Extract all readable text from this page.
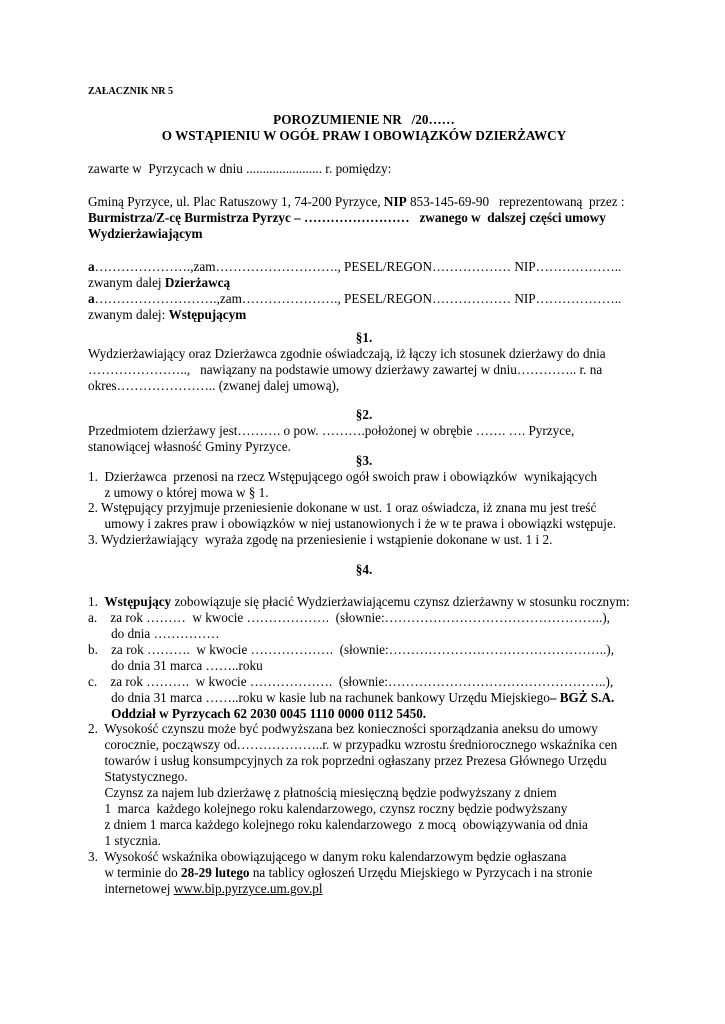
ZAŁACZNIK NR 5
POROZUMIENIE NR   /20……
O WSTĄPIENIU W OGÓŁ PRAW I OBOWIĄZKÓW DZIERŻAWCY
zawarte w  Pyrzycach w dniu ....................... r. pomiędzy:
Gminą Pyrzyce, ul. Plac Ratuszowy 1, 74-200 Pyrzyce, NIP 853-145-69-90   reprezentowaną  przez :
Burmistrza/Z-cę Burmistrza Pyrzyc – ……………………   zwanego w  dalszej części umowy
Wydzierżawiającym
a………………….,zam………………………., PESEL/REGON……………… NIP………………..
zwanym dalej Dzierżawcą
a……………………….,zam…………………., PESEL/REGON……………… NIP………………..
zwanym dalej: Wstępującym
§1.
Wydzierżawiający oraz Dzierżawca zgodnie oświadczają, iż łączy ich stosunek dzierżawy do dnia
…………………..,   nawiązany na podstawie umowy dzierżawy zawartej w dniu………….. r. na
okres………………….. (zwanej dalej umową),
§2.
Przedmiotem dzierżawy jest………. o pow. ……….położonej w obrębie ……. …. Pyrzyce,
stanowiącej własność Gminy Pyrzyce.
§3.
1.  Dzierżawca  przenosi na rzecz Wstępującego ogół swoich praw i obowiązków  wynikających
z umowy o której mowa w § 1.
2. Wstępujący przyjmuje przeniesienie dokonane w ust. 1 oraz oświadcza, iż znana mu jest treść
umowy i zakres praw i obowiązków w niej ustanowionych i że w te prawa i obowiązki wstępuje.
3. Wydzierżawiający  wyraża zgodę na przeniesienie i wstąpienie dokonane w ust. 1 i 2.
§4.
1.  Wstępujący zobowiązuje się płacić Wydzierżawiającemu czynsz dzierżawny w stosunku rocznym:
a.    za rok ………  w kwocie ……………….  (słownie:…………………………………………..),
do dnia ……………
b.    za rok ……….  w kwocie ……………….  (słownie:…………………………………………..),
do dnia 31 marca ……..roku
c.    za rok ……….  w kwocie ……………….  (słownie:…………………………………………..),
do dnia 31 marca ……..roku w kasie lub na rachunek bankowy Urzędu Miejskiego– BGŻ S.A.
Oddział w Pyrzycach 62 2030 0045 1110 0000 0112 5450.
2.  Wysokość czynszu może być podwyższana bez konieczności sporządzania aneksu do umowy
corocznie, począwszy od………………..r. w przypadku wzrostu średniorocznego wskaźnika cen
towarów i usług konsumpcyjnych za rok poprzedni ogłaszany przez Prezesa Głównego Urzędu
Statystycznego.
Czynsz za najem lub dzierżawę z płatnością miesięczną będzie podwyższany z dniem
1  marca  każdego kolejnego roku kalendarzowego, czynsz roczny będzie podwyższany
z dniem 1 marca każdego kolejnego roku kalendarzowego  z mocą  obowiązywania od dnia
1 stycznia.
3.  Wysokość wskaźnika obowiązującego w danym roku kalendarzowym będzie ogłaszana
w terminie do 28-29 lutego na tablicy ogłoszeń Urzędu Miejskiego w Pyrzycach i na stronie
internetowej www.bip.pyrzyce.um.gov.pl
